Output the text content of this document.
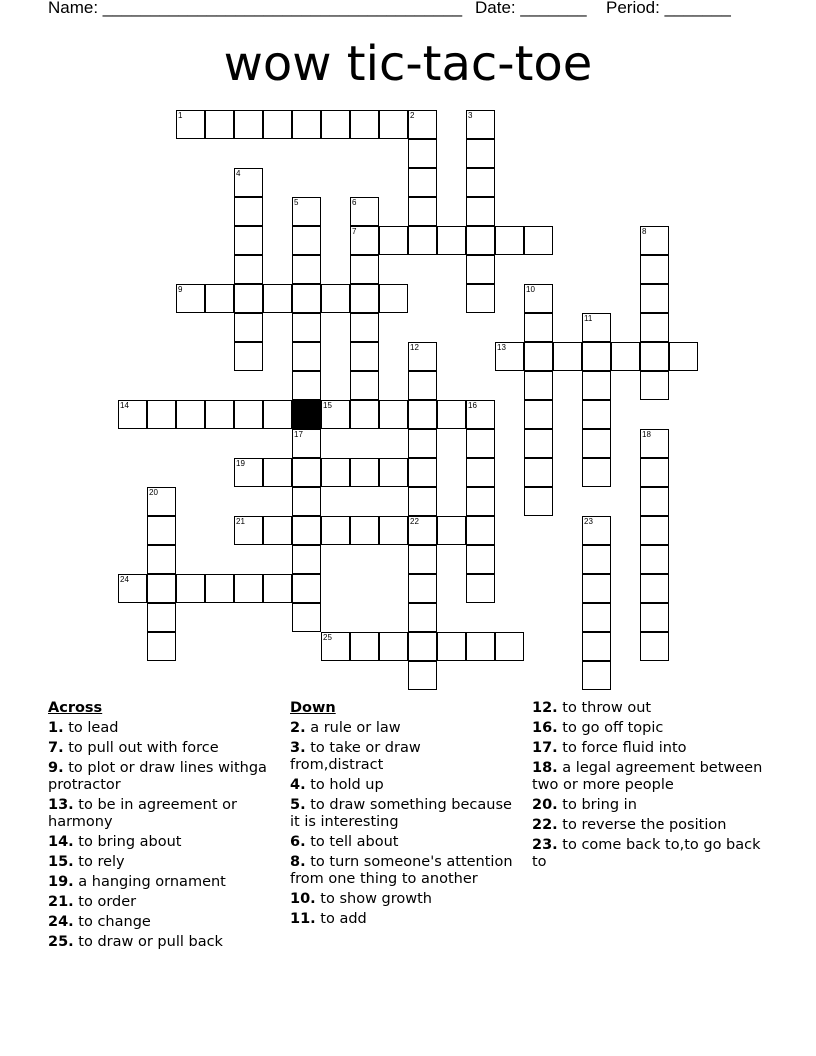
Name: ______________________________________ Date: _______ Period: _______
wow tic-tac-toe
1	2	3
4
5	6
7	8
9	10
11
12	13
14	15	16
17	18
19
20
21	22	23
24
25
Across
1. to lead
7. to pull out with force
9. to plot or draw lines withga protractor
13. to be in agreement or harmony
14. to bring about
15. to rely
19. a hanging ornament
21. to order
24. to change
25. to draw or pull back
Down
2. a rule or law
3. to take or draw from,distract
4. to hold up
5. to draw something because it is interesting
6. to tell about
8. to turn someone's attention from one thing to another
10. to show growth
11. to add
12. to throw out
16. to go off topic
17. to force fluid into
18. a legal agreement between two or more people
20. to bring in
22. to reverse the position
23. to come back to,to go back to
